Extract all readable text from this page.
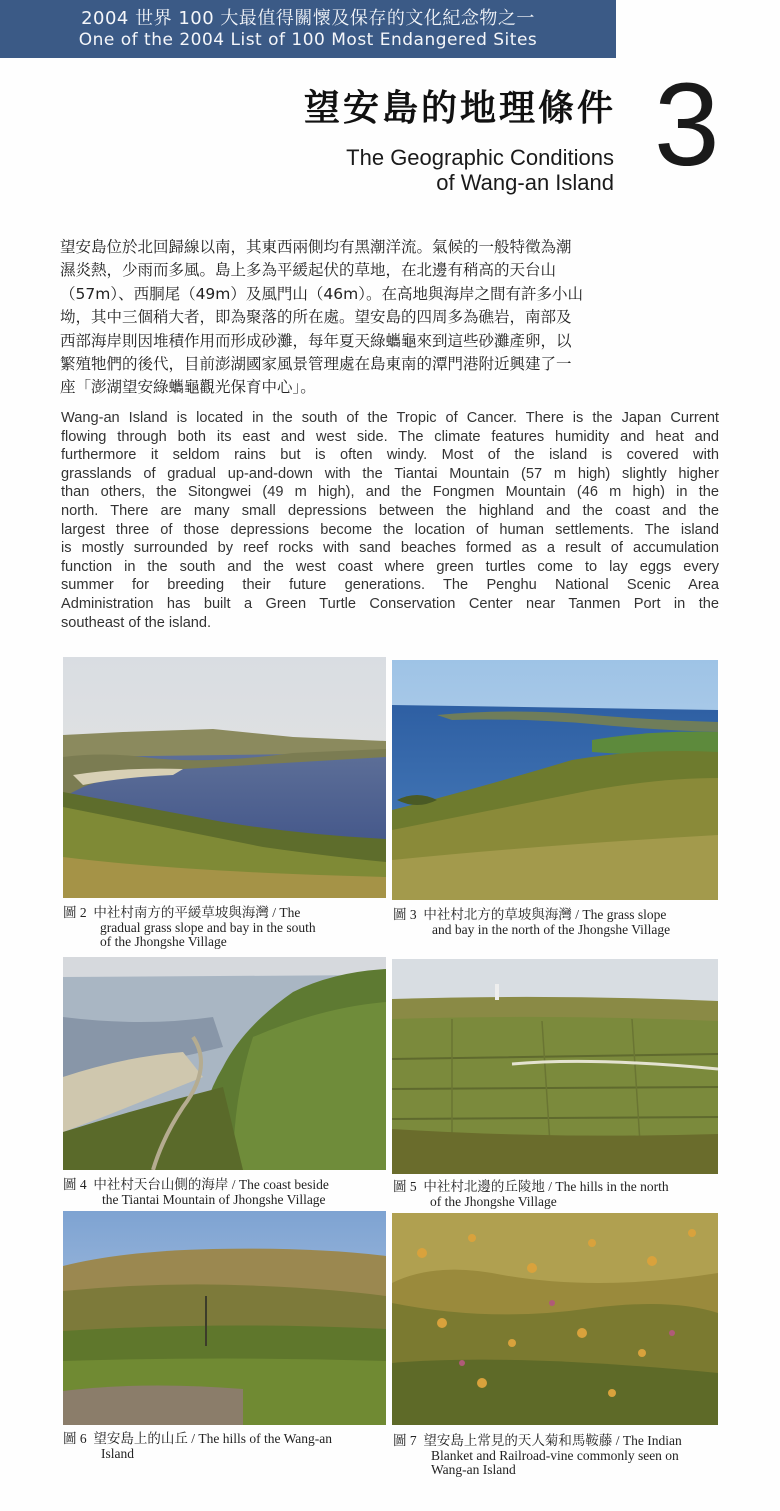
2004 世界 100 大最值得關懷及保存的文化紀念物之一
One of the 2004 List of 100 Most Endangered Sites
望安島的地理條件
The Geographic Conditions
of Wang-an Island 3
望安島位於北回歸線以南，其東西兩側均有黑潮洋流。氣候的一般特徵為潮
濕炎熱，少雨而多風。島上多為平緩起伏的草地，在北邊有稍高的天台山
（57m）、西胴尾（49m）及風門山（46m）。在高地與海岸之間有許多小山
坳，其中三個稍大者，即為聚落的所在處。望安島的四周多為礁岩，南部及
西部海岸則因堆積作用而形成砂灘，每年夏天綠蠵龜來到這些砂灘產卵，以
繁殖牠們的後代，目前澎湖國家風景管理處在島東南的潭門港附近興建了一
座「澎湖望安綠蠵龜觀光保育中心」。
Wang-an Island is located in the south of the Tropic of Cancer. There is the Japan Current
flowing through both its east and west side. The climate features humidity and heat and
furthermore it seldom rains but is often windy. Most of the island is covered with
grasslands of gradual up-and-down with the Tiantai Mountain (57 m high) slightly higher
than others, the Sitongwei (49 m high), and the Fongmen Mountain (46 m high) in the
north. There are many small depressions between the highland and the coast and the
largest three of those depressions become the location of human settlements. The island
is mostly surrounded by reef rocks with sand beaches formed as a result of accumulation
function in the south and the west coast where green turtles come to lay eggs every
summer for breeding their future generations. The Penghu National Scenic Area
Administration has built a Green Turtle Conservation Center near Tanmen Port in the
southeast of the island.
圖 2 中社村南方的平緩草坡與海灣 / The
gradual grass slope and bay in the south
of the Jhongshe Village
圖 3 中社村北方的草坡與海灣 / The grass slope
and bay in the north of the Jhongshe Village
圖 4 中社村天台山側的海岸 / The coast beside
the Tiantai Mountain of Jhongshe Village
圖 5 中社村北邊的丘陵地 / The hills in the north
of the Jhongshe Village
圖 6 望安島上的山丘 / The hills of the Wang-an
Island
圖 7 望安島上常見的天人菊和馬鞍藤 / The Indian
Blanket and Railroad-vine commonly seen on
Wang-an Island
